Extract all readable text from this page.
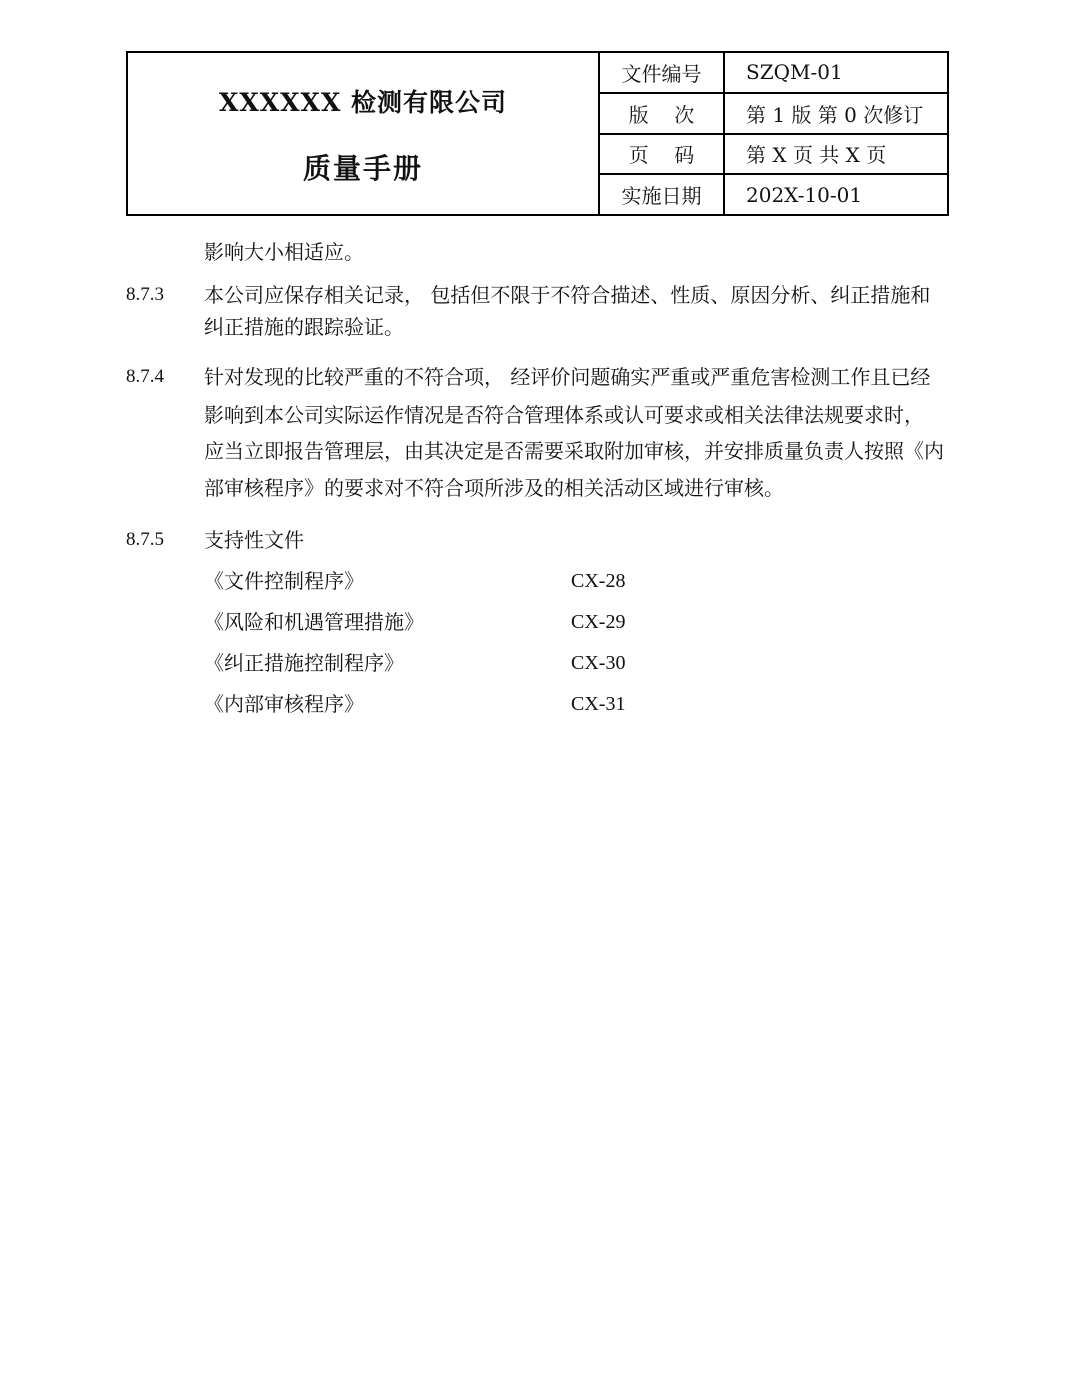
XXXXXX 检测有限公司
质量手册
文件编号	SZQM-01
版    次	第 1 版 第 0 次修订
页    码	第 X 页 共 X 页
实施日期	202X-10-01
影响大小相适应。
8.7.3 本公司应保存相关记录， 包括但不限于不符合描述、性质、原因分析、纠正措施和
纠正措施的跟踪验证。
8.7.4 针对发现的比较严重的不符合项， 经评价问题确实严重或严重危害检测工作且已经
影响到本公司实际运作情况是否符合管理体系或认可要求或相关法律法规要求时，
应当立即报告管理层，由其决定是否需要采取附加审核，并安排质量负责人按照《内
部审核程序》的要求对不符合项所涉及的相关活动区域进行审核。
8.7.5 支持性文件
《文件控制程序》	CX-28
《风险和机遇管理措施》	CX-29
《纠正措施控制程序》	CX-30
《内部审核程序》	CX-31
